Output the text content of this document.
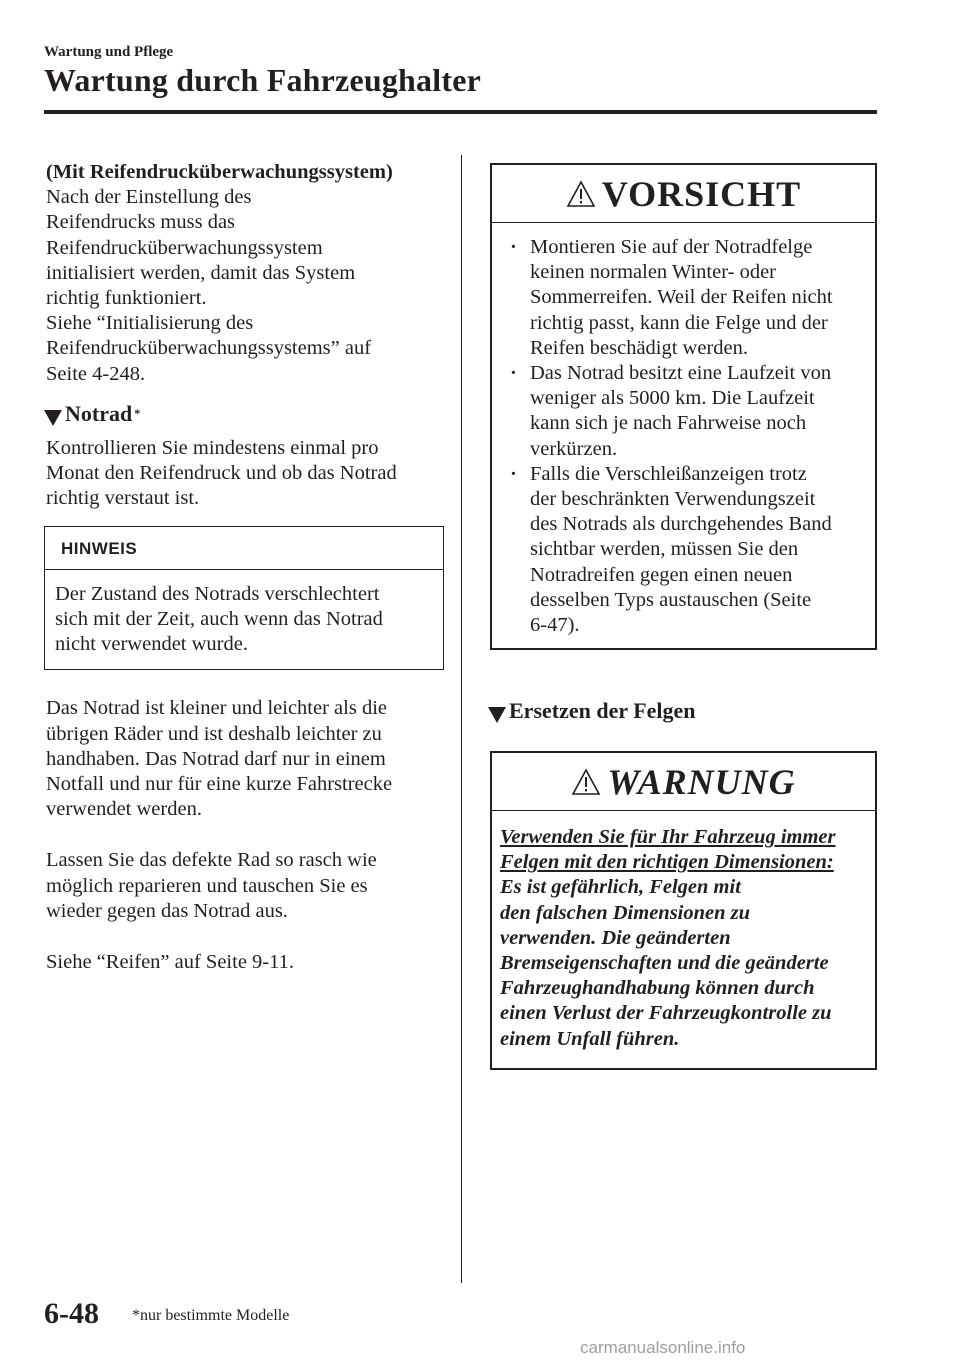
Wartung und Pflege
Wartung durch Fahrzeughalter

(Mit Reifendrucküberwachungssystem)

Nach der Einstellung des

Reifendrucks muss das

Reifendrucküberwachungssystem

initialisiert werden, damit das System

richtig funktioniert.

Siehe “Initialisierung des

Reifendrucküberwachungssystems” auf

Seite 4-248.

Notrad *

Kontrollieren Sie mindestens einmal pro

Monat den Reifendruck und ob das Notrad

richtig verstaut ist.

HINWEIS

Der Zustand des Notrads verschlechtert

sich mit der Zeit, auch wenn das Notrad

nicht verwendet wurde.

Das Notrad ist kleiner und leichter als die

übrigen Räder und ist deshalb leichter zu

handhaben. Das Notrad darf nur in einem

Notfall und nur für eine kurze Fahrstrecke

verwendet werden.

Lassen Sie das defekte Rad so rasch wie

möglich reparieren und tauschen Sie es

wieder gegen das Notrad aus.

Siehe “Reifen” auf Seite 9-11.

VORSICHT
· Montieren Sie auf der Notradfelge
keinen normalen Winter- oder
Sommerreifen. Weil der Reifen nicht
richtig passt, kann die Felge und der
Reifen beschädigt werden.
· Das Notrad besitzt eine Laufzeit von
weniger als 5000 km. Die Laufzeit
kann sich je nach Fahrweise noch
verkürzen.
· Falls die Verschleißanzeigen trotz
der beschränkten Verwendungszeit
des Notrads als durchgehendes Band
sichtbar werden, müssen Sie den
Notradreifen gegen einen neuen
desselben Typs austauschen (Seite
6-47).
Ersetzen der Felgen
WARNUNG
Verwenden Sie für Ihr Fahrzeug immer
Felgen mit den richtigen Dimensionen:
Es ist gefährlich, Felgen mit
den falschen Dimensionen zu
verwenden. Die geänderten
Bremseigenschaften und die geänderte
Fahrzeughandhabung können durch
einen Verlust der Fahrzeugkontrolle zu
einem Unfall führen.
6-48 *nur bestimmte Modelle
carmanualsonline.info
